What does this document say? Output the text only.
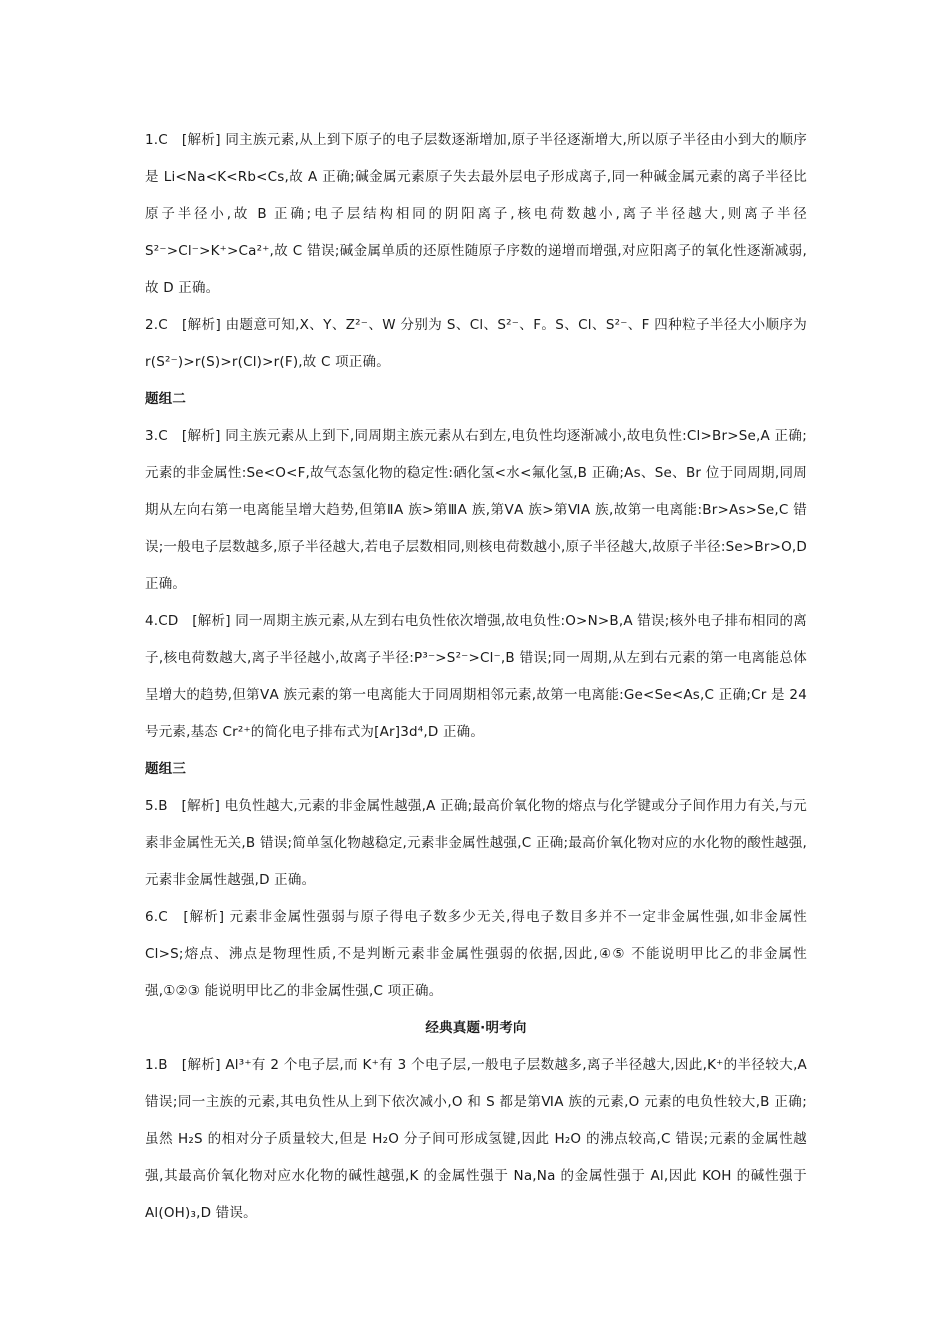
1.C　[解析] 同主族元素,从上到下原子的电子层数逐渐增加,原子半径逐渐增大,所以原子半径由小到大的顺序是 Li<Na<K<Rb<Cs,故 A 正确;碱金属元素原子失去最外层电子形成离子,同一种碱金属元素的离子半径比原子半径小,故 B 正确;电子层结构相同的阴阳离子,核电荷数越小,离子半径越大,则离子半径 S²⁻>Cl⁻>K⁺>Ca²⁺,故 C 错误;碱金属单质的还原性随原子序数的递增而增强,对应阳离子的氧化性逐渐减弱,故 D 正确。

2.C　[解析] 由题意可知,X、Y、Z²⁻、W 分别为 S、Cl、S²⁻、F。S、Cl、S²⁻、F 四种粒子半径大小顺序为 r(S²⁻)>r(S)>r(Cl)>r(F),故 C 项正确。

题组二

3.C　[解析] 同主族元素从上到下,同周期主族元素从右到左,电负性均逐渐减小,故电负性:Cl>Br>Se,A 正确;元素的非金属性:Se<O<F,故气态氢化物的稳定性:硒化氢<水<氟化氢,B 正确;As、Se、Br 位于同周期,同周期从左向右第一电离能呈增大趋势,但第ⅡA 族>第ⅢA 族,第ⅤA 族>第ⅥA 族,故第一电离能:Br>As>Se,C 错误;一般电子层数越多,原子半径越大,若电子层数相同,则核电荷数越小,原子半径越大,故原子半径:Se>Br>O,D 正确。

4.CD　[解析] 同一周期主族元素,从左到右电负性依次增强,故电负性:O>N>B,A 错误;核外电子排布相同的离子,核电荷数越大,离子半径越小,故离子半径:P³⁻>S²⁻>Cl⁻,B 错误;同一周期,从左到右元素的第一电离能总体呈增大的趋势,但第ⅤA 族元素的第一电离能大于同周期相邻元素,故第一电离能:Ge<Se<As,C 正确;Cr 是 24 号元素,基态 Cr²⁺的简化电子排布式为[Ar]3d⁴,D 正确。

题组三

5.B　[解析] 电负性越大,元素的非金属性越强,A 正确;最高价氧化物的熔点与化学键或分子间作用力有关,与元素非金属性无关,B 错误;简单氢化物越稳定,元素非金属性越强,C 正确;最高价氧化物对应的水化物的酸性越强,元素非金属性越强,D 正确。

6.C　[解析] 元素非金属性强弱与原子得电子数多少无关,得电子数目多并不一定非金属性强,如非金属性 Cl>S;熔点、沸点是物理性质,不是判断元素非金属性强弱的依据,因此,④⑤ 不能说明甲比乙的非金属性强,①②③ 能说明甲比乙的非金属性强,C 项正确。

经典真题·明考向

1.B　[解析] Al³⁺有 2 个电子层,而 K⁺有 3 个电子层,一般电子层数越多,离子半径越大,因此,K⁺的半径较大,A 错误;同一主族的元素,其电负性从上到下依次减小,O 和 S 都是第ⅥA 族的元素,O 元素的电负性较大,B 正确;虽然 H₂S 的相对分子质量较大,但是 H₂O 分子间可形成氢键,因此 H₂O 的沸点较高,C 错误;元素的金属性越强,其最高价氧化物对应水化物的碱性越强,K 的金属性强于 Na,Na 的金属性强于 Al,因此 KOH 的碱性强于 Al(OH)₃,D 错误。
